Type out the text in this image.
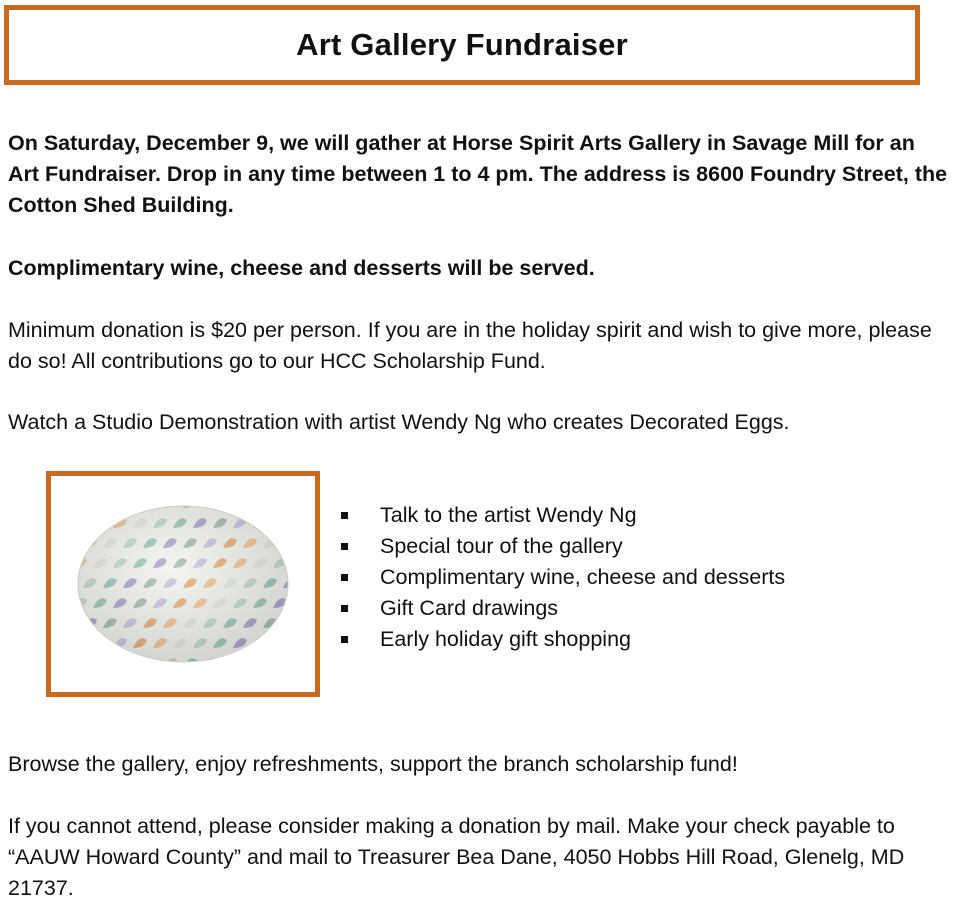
Art Gallery Fundraiser

On Saturday, December 9, we will gather at Horse Spirit Arts Gallery in Savage Mill for an Art Fundraiser. Drop in any time between 1 to 4 pm. The address is 8600 Foundry Street, the Cotton Shed Building.

Complimentary wine, cheese and desserts will be served.

Minimum donation is $20 per person. If you are in the holiday spirit and wish to give more, please do so! All contributions go to our HCC Scholarship Fund.

Watch a Studio Demonstration with artist Wendy Ng who creates Decorated Eggs.

Talk to the artist Wendy Ng
Special tour of the gallery
Complimentary wine, cheese and desserts
Gift Card drawings
Early holiday gift shopping

Browse the gallery, enjoy refreshments, support the branch scholarship fund!

If you cannot attend, please consider making a donation by mail. Make your check payable to “AAUW Howard County” and mail to Treasurer Bea Dane, 4050 Hobbs Hill Road, Glenelg, MD 21737.
